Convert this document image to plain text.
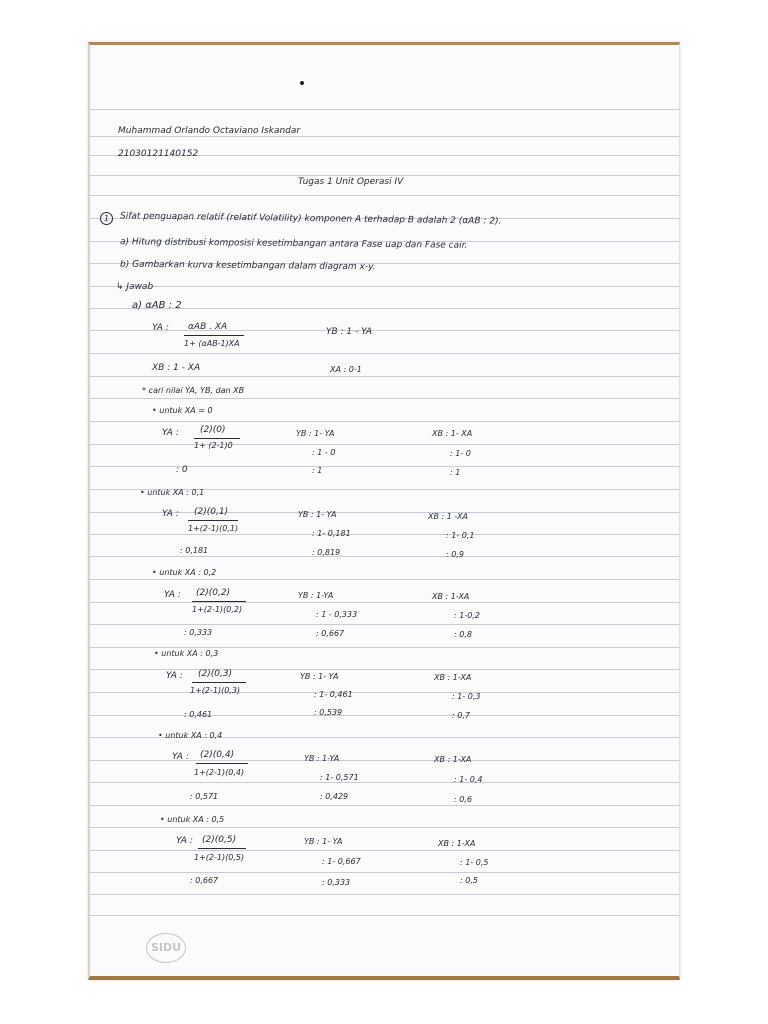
Muhammad Orlando Octaviano Iskandar
21030121140152
Tugas 1 Unit Operasi IV
1 Sifat penguapan relatif (relatif Volatility) komponen A terhadap B adalah 2 (αAB : 2).
a) Hitung distribusi komposisi kesetimbangan antara Fase uap dan Fase cair.
b) Gambarkan kurva kesetimbangan dalam diagram x-y.
↳ Jawab
a) αAB : 2
YA : αAB . XA
1+ (αAB-1)XA
YB : 1 - YA
XB : 1 - XA	XA : 0-1
* cari nilai YA, YB, dan XB
• untuk XA = 0
YA : (2)(0)
1+ (2-1)0
: 0
YB : 1- YA
: 1 - 0
: 1
XB : 1- XA
: 1- 0
: 1
• untuk XA : 0,1
YA : (2)(0,1)
1+(2-1)(0,1)
: 0,181
YB : 1- YA
: 1- 0,181
: 0,819
XB : 1 -XA
: 1- 0,1
: 0,9
• untuk XA : 0,2
YA : (2)(0,2)
1+(2-1)(0,2)
: 0,333
YB : 1-YA
: 1 - 0,333
: 0,667
XB : 1-XA
: 1-0,2
: 0,8
• untuk XA : 0,3
YA : (2)(0,3)
1+(2-1)(0,3)
: 0,461
YB : 1- YA
: 1- 0,461
: 0,539
XB : 1-XA
: 1- 0,3
: 0,7
• untuk XA : 0,4
YA : (2)(0,4)
1+(2-1)(0,4)
: 0,571
YB : 1-YA
: 1- 0,571
: 0,429
XB : 1-XA
: 1- 0,4
: 0,6
• untuk XA : 0,5
YA : (2)(0,5)
1+(2-1)(0,5)
: 0,667
YB : 1- YA
: 1- 0,667
: 0,333
XB : 1-XA
: 1- 0,5
: 0,5
SIDU
